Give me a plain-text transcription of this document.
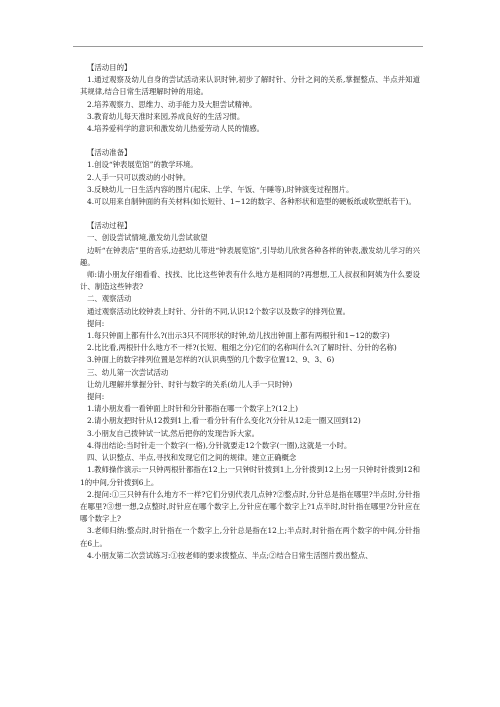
【活动目的】

1.通过观察及幼儿自身的尝试活动来认识时钟,初步了解时针、分针之间的关系,掌握整点、半点并知道其规律,结合日常生活理解时钟的用途。

2.培养观察力、思维力、动手能力及大胆尝试精神。

3.教育幼儿每天准时来园,养成良好的生活习惯。

4.培养爱科学的意识和激发幼儿热爱劳动人民的情感。

【活动准备】

1.创设“钟表展览馆”的教学环境。

2.人手一只可以拨动的小时钟。

3.反映幼儿一日生活内容的图片(起床、上学、午饭、午睡等),时钟演变过程图片。

4.可以用来自制钟面的有关材料(如长短针、1~12的数字、各种形状和造型的硬板纸或吹塑纸若干)。

【活动过程】

一、创设尝试情境,激发幼儿尝试欲望

边听“在钟表店”里的音乐,边把幼儿带进“钟表展览馆”,引导幼儿欣赏各种各样的钟表,激发幼儿学习的兴趣。

师:请小朋友仔细看看、找找、比比这些钟表有什么地方是相同的?再想想,工人叔叔和阿姨为什么要设计、制造这些钟表?

二、观察活动

通过观察活动比较钟表上时针、分针的不同,认识12个数字以及数字的排列位置。

提问:

1.每只钟面上都有什么?(出示3只不同形状的时钟,幼儿找出钟面上都有两根针和1~12的数字)

2.比比看,两根针什么地方不一样?(长短、粗细之分)它们的名称叫什么?(了解时针、分针的名称)

3.钟面上的数字排列位置是怎样的?(认识典型的几个数字位置12、9、3、6)

三、幼儿第一次尝试活动

让幼儿理解并掌握分针、时针与数字的关系(幼儿人手一只时钟)

提问:

1.请小朋友看一看钟面上时针和分针都指在哪一个数字上?(12上)

2.请小朋友把时针从12拨到1上,看一看分针有什么变化?(分针从12走一圈又回到12)

3.小朋友自己拨钟试一试,然后把你的发现告诉大家。

4.得出结论:当时针走一个数字(一格),分针就要走12个数字(一圈),这就是一小时。

四、认识整点、半点,寻找和发现它们之间的规律。建立正确概念

1.教师操作演示:一只钟两根针都指在12上;一只钟时针拨到1上,分针拨到12上;另一只钟时针拨到12和1的中间,分针拨到6上。

2.提问:①三只钟有什么地方不一样?它们分别代表几点钟?②整点时,分针总是指在哪里?半点时,分针指在哪里?③想一想,2点整时,时针应在哪个数字上,分针应在哪个数字上?1点半时,时针指在哪里?分针应在哪个数字上?

3.老师归纳:整点时,时针指在一个数字上,分针总是指在12上;半点时,时针指在两个数字的中间,分针指在6上。

4.小朋友第二次尝试练习:①按老师的要求拨整点、半点;②结合日常生活图片拨出整点、
